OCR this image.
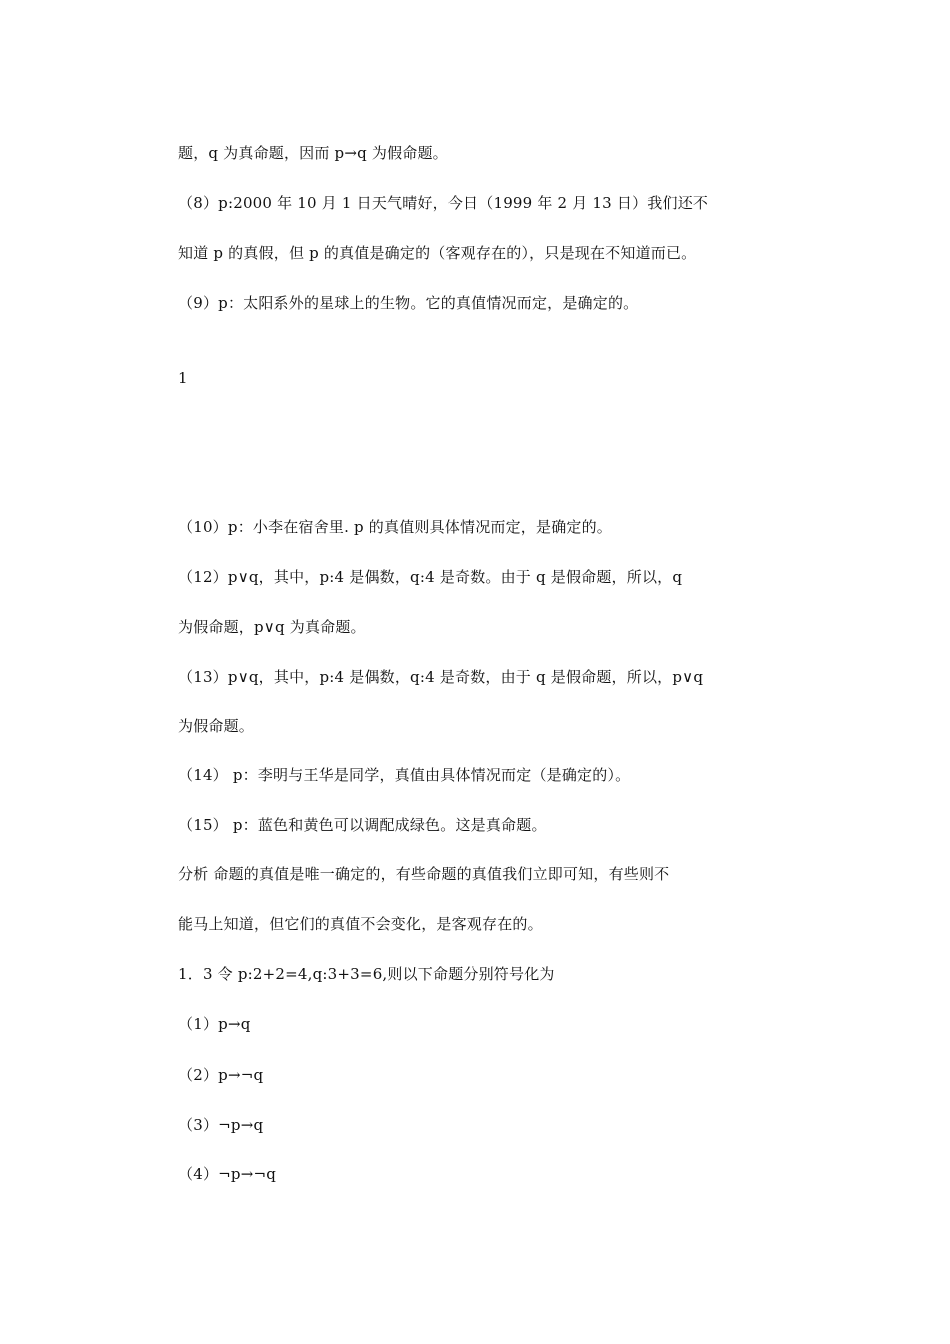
题，q 为真命题，因而 p→q 为假命题。
（8）p:2000 年 10 月 1 日天气晴好，今日（1999 年 2 月 13 日）我们还不
知道 p 的真假，但 p 的真值是确定的（客观存在的），只是现在不知道而已。
（9）p：太阳系外的星球上的生物。它的真值情况而定，是确定的。
1
（10）p：小李在宿舍里. p 的真值则具体情况而定，是确定的。
（12）p∨q，其中，p:4 是偶数，q:4 是奇数。由于 q 是假命题，所以，q
为假命题，p∨q 为真命题。
（13）p∨q，其中，p:4 是偶数，q:4 是奇数，由于 q 是假命题，所以，p∨q
为假命题。
（14） p：李明与王华是同学，真值由具体情况而定（是确定的）。
（15） p：蓝色和黄色可以调配成绿色。这是真命题。
分析 命题的真值是唯一确定的，有些命题的真值我们立即可知，有些则不
能马上知道，但它们的真值不会变化，是客观存在的。
1．3 令 p:2+2=4,q:3+3=6,则以下命题分别符号化为
（1）p→q
（2）p→¬q
（3）¬p→q
（4）¬p→¬q
